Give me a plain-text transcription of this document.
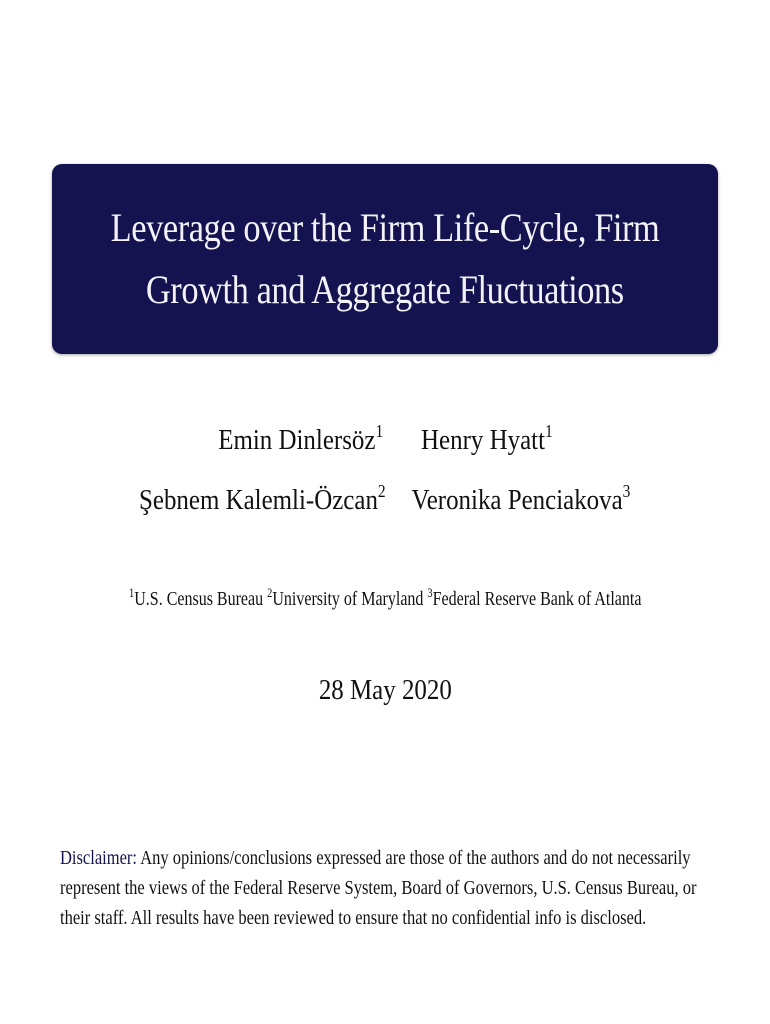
Leverage over the Firm Life-Cycle, Firm
Growth and Aggregate Fluctuations
Emin Dinlersöz$^1$ Henry Hyatt$^1$
Şebnem Kalemli-Özcan$^2$ Veronika Penciakova$^3$
$^1$U.S. Census Bureau $^2$University of Maryland $^3$Federal Reserve Bank of Atlanta
28 May 2020
Disclaimer: Any opinions/conclusions expressed are those of the authors and do not necessarily represent the views of the Federal Reserve System, Board of Governors, U.S. Census Bureau, or their staff. All results have been reviewed to ensure that no confidential info is disclosed.
